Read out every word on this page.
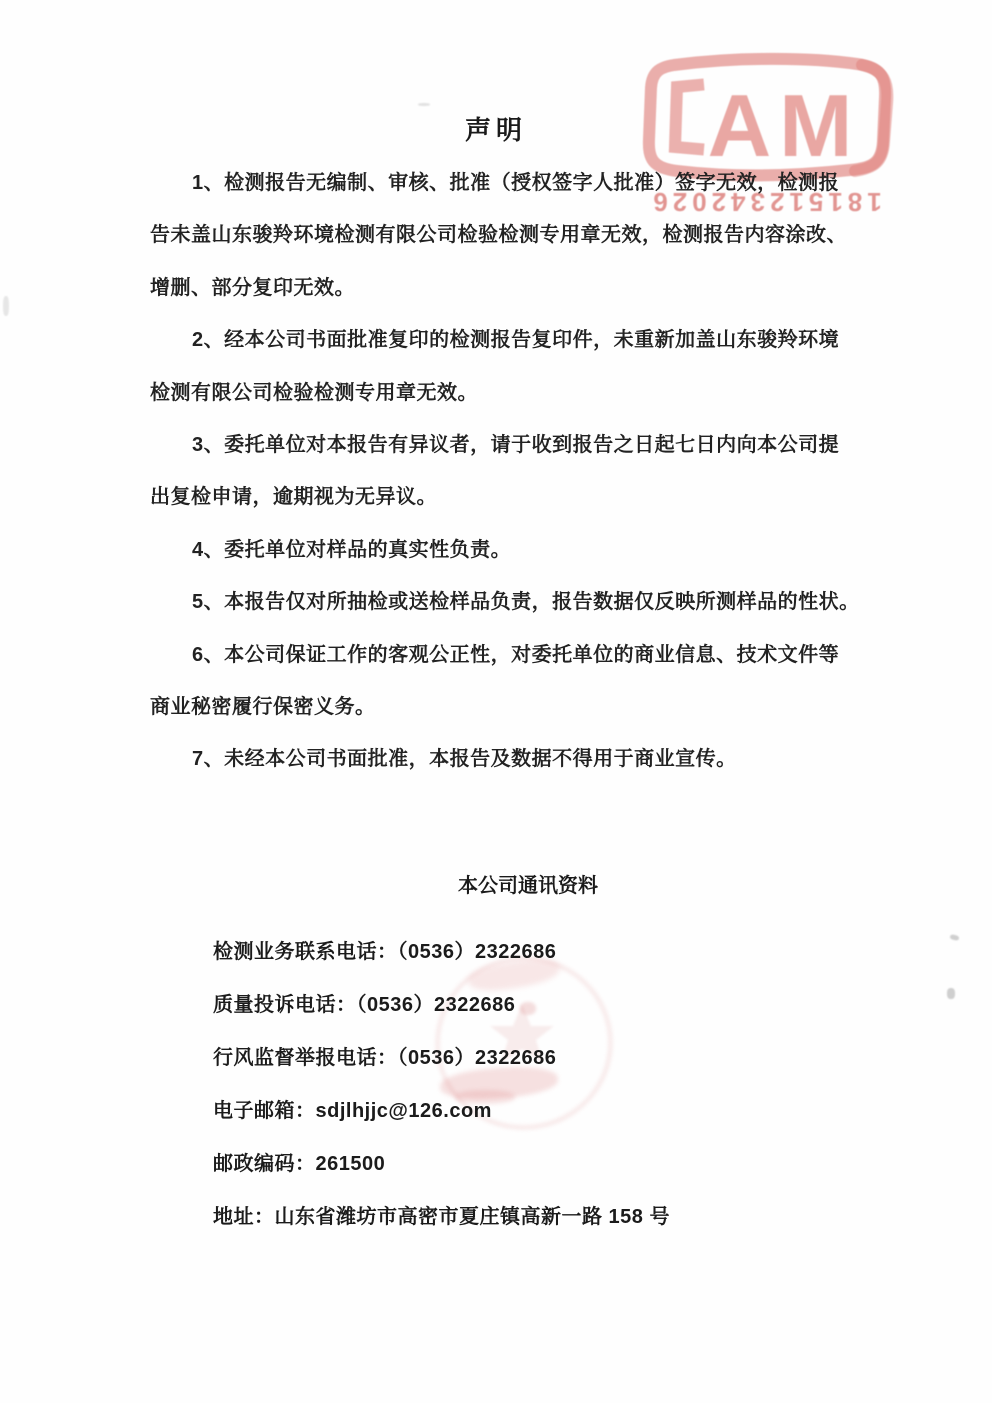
AM
181512342026
声明
1、检测报告无编制、审核、批准（授权签字人批准）签字无效，检测报
告未盖山东骏羚环境检测有限公司检验检测专用章无效，检测报告内容涂改、
增删、部分复印无效。
2、经本公司书面批准复印的检测报告复印件，未重新加盖山东骏羚环境
检测有限公司检验检测专用章无效。
3、委托单位对本报告有异议者，请于收到报告之日起七日内向本公司提
出复检申请，逾期视为无异议。
4、委托单位对样品的真实性负责。
5、本报告仅对所抽检或送检样品负责，报告数据仅反映所测样品的性状。
6、本公司保证工作的客观公正性，对委托单位的商业信息、技术文件等
商业秘密履行保密义务。
7、未经本公司书面批准，本报告及数据不得用于商业宣传。
本公司通讯资料
检测业务联系电话：（0536）2322686
质量投诉电话：（0536）2322686
行风监督举报电话：（0536）2322686
电子邮箱：sdjlhjjc@126.com
邮政编码：261500
地址：山东省潍坊市高密市夏庄镇高新一路 158 号
